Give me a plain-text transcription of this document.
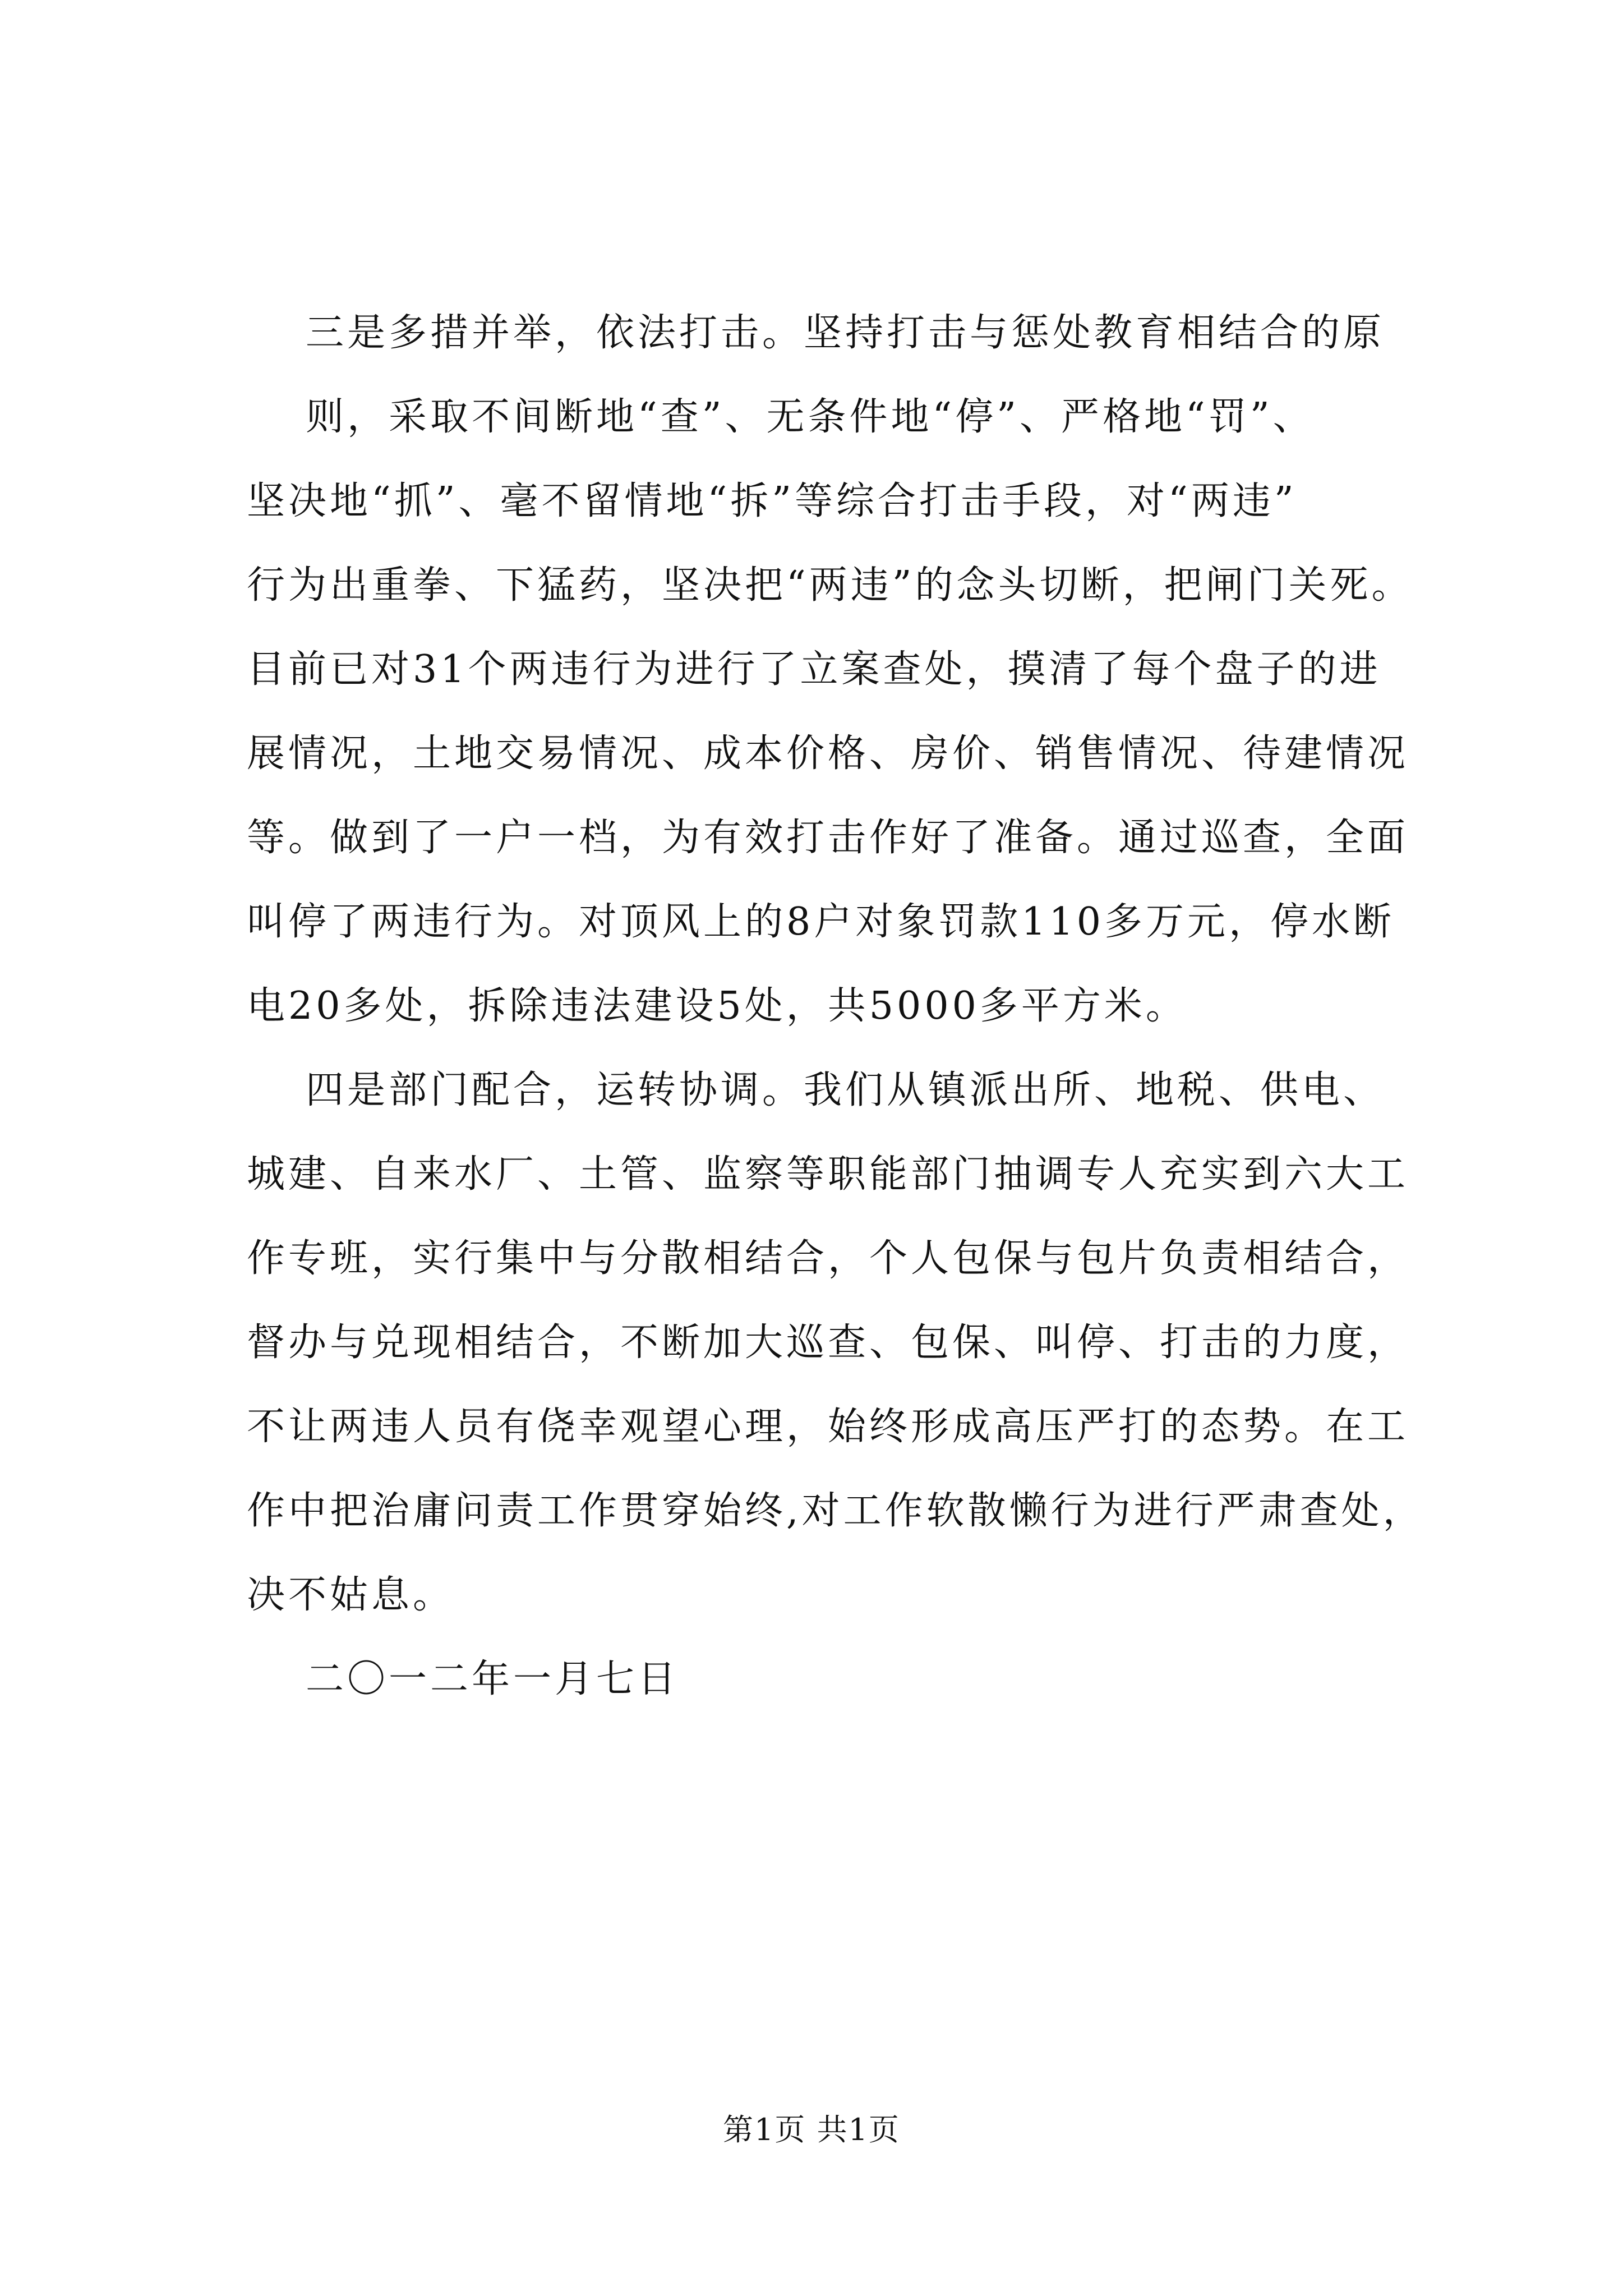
三是多措并举，依法打击。坚持打击与惩处教育相结合的原
则，采取不间断地“查”、无条件地“停”、严格地“罚”、
坚决地“抓”、毫不留情地“拆”等综合打击手段，对“两违”
行为出重拳、下猛药，坚决把“两违”的念头切断，把闸门关死。
目前已对31个两违行为进行了立案查处，摸清了每个盘子的进
展情况，土地交易情况、成本价格、房价、销售情况、待建情况
等。做到了一户一档，为有效打击作好了准备。通过巡查，全面
叫停了两违行为。对顶风上的8户对象罚款110多万元，停水断
电20多处，拆除违法建设5处，共5000多平方米。
四是部门配合，运转协调。我们从镇派出所、地税、供电、
城建、自来水厂、土管、监察等职能部门抽调专人充实到六大工
作专班，实行集中与分散相结合，个人包保与包片负责相结合，
督办与兑现相结合，不断加大巡查、包保、叫停、打击的力度，
不让两违人员有侥幸观望心理，始终形成高压严打的态势。在工
作中把治庸问责工作贯穿始终,对工作软散懒行为进行严肃查处，
决不姑息。
二〇一二年一月七日
第1页 共1页
